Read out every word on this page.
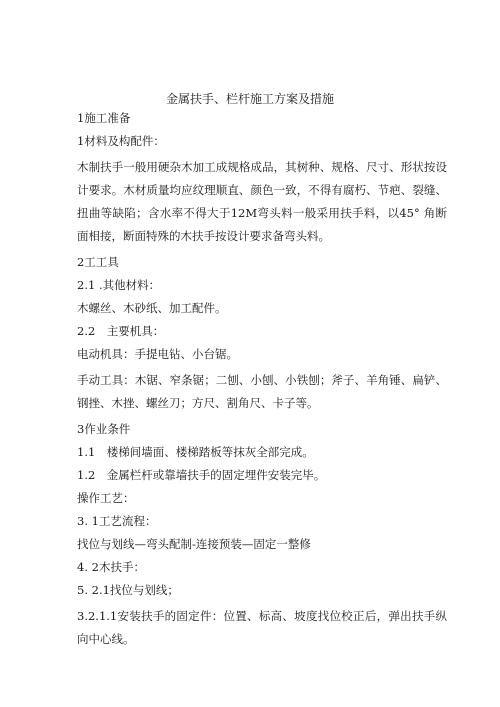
金属扶手、栏杆施工方案及措施
1施工准备
1材料及构配件：
木制扶手一般用硬杂木加工成规格成品，其树种、规格、尺寸、形状按设计要求。木材质量均应纹理顺直、颜色一致，不得有腐朽、节疤、裂缝、扭曲等缺陷；含水率不得大于12M弯头料一般采用扶手料，以45° 角断面相接，断面特殊的木扶手按设计要求备弯头料。
2工工具
2.1 .其他材料：
木螺丝、木砂纸、加工配件。
2.2　主要机具：
电动机具：手提电钻、小台锯。
手动工具：木锯、窄条锯；二刨、小刨、小铁刨；斧子、羊角锤、扁铲、钢挫、木挫、螺丝刀；方尺、割角尺、卡子等。
3作业条件
1.1　楼梯间墙面、楼梯踏板等抹灰全部完成。
1.2　金属栏杆或靠墙扶手的固定埋件安装完毕。
操作工艺：
3. 1工艺流程：
找位与划线—弯头配制-连接预装—固定一整修
4. 2木扶手：
5. 2.1找位与划线；
3.2.1.1安装扶手的固定件：位置、标高、坡度找位校正后，弹出扶手纵向中心线。
